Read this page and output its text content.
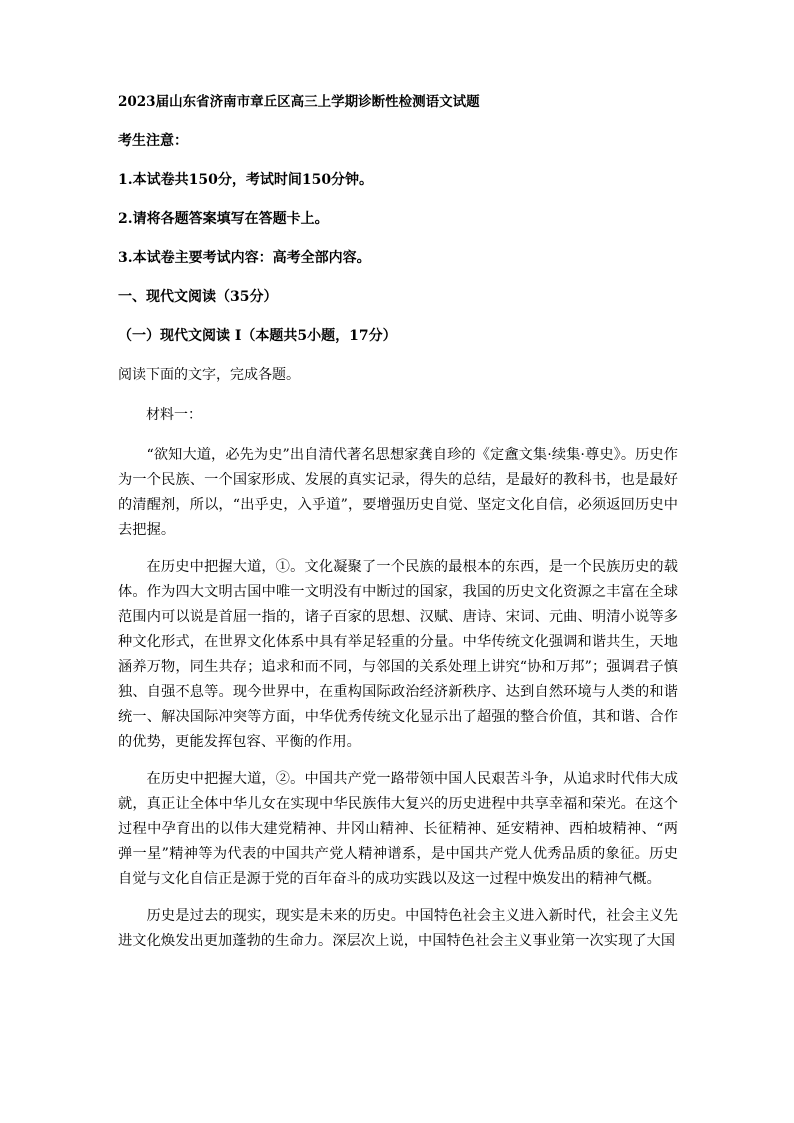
2023届山东省济南市章丘区高三上学期诊断性检测语文试题
考生注意：
1.本试卷共150分，考试时间150分钟。
2.请将各题答案填写在答题卡上。
3.本试卷主要考试内容：高考全部内容。
一、现代文阅读（35分）
（一）现代文阅读 I（本题共5小题，17分）
阅读下面的文字，完成各题。
材料一：

“欲知大道，必先为史”出自清代著名思想家龚自珍的《定盦文集·续集·尊史》。历史作为一个民族、一个国家形成、发展的真实记录，得失的总结，是最好的教科书，也是最好的清醒剂，所以，“出乎史，入乎道”，要增强历史自觉、坚定文化自信，必须返回历史中去把握。

在历史中把握大道，①。文化凝聚了一个民族的最根本的东西，是一个民族历史的载体。作为四大文明古国中唯一文明没有中断过的国家，我国的历史文化资源之丰富在全球范围内可以说是首屈一指的，诸子百家的思想、汉赋、唐诗、宋词、元曲、明清小说等多种文化形式，在世界文化体系中具有举足轻重的分量。中华传统文化强调和谐共生，天地涵养万物，同生共存；追求和而不同，与邻国的关系处理上讲究“协和万邦”；强调君子慎独、自强不息等。现今世界中，在重构国际政治经济新秩序、达到自然环境与人类的和谐统一、解决国际冲突等方面，中华优秀传统文化显示出了超强的整合价值，其和谐、合作的优势，更能发挥包容、平衡的作用。

在历史中把握大道，②。中国共产党一路带领中国人民艰苦斗争，从追求时代伟大成就，真正让全体中华儿女在实现中华民族伟大复兴的历史进程中共享幸福和荣光。在这个过程中孕育出的以伟大建党精神、井冈山精神、长征精神、延安精神、西柏坡精神、“两弹一星”精神等为代表的中国共产党人精神谱系，是中国共产党人优秀品质的象征。历史自觉与文化自信正是源于党的百年奋斗的成功实践以及这一过程中焕发出的精神气概。

历史是过去的现实，现实是未来的历史。中国特色社会主义进入新时代，社会主义先进文化焕发出更加蓬勃的生命力。深层次上说，中国特色社会主义事业第一次实现了大国
